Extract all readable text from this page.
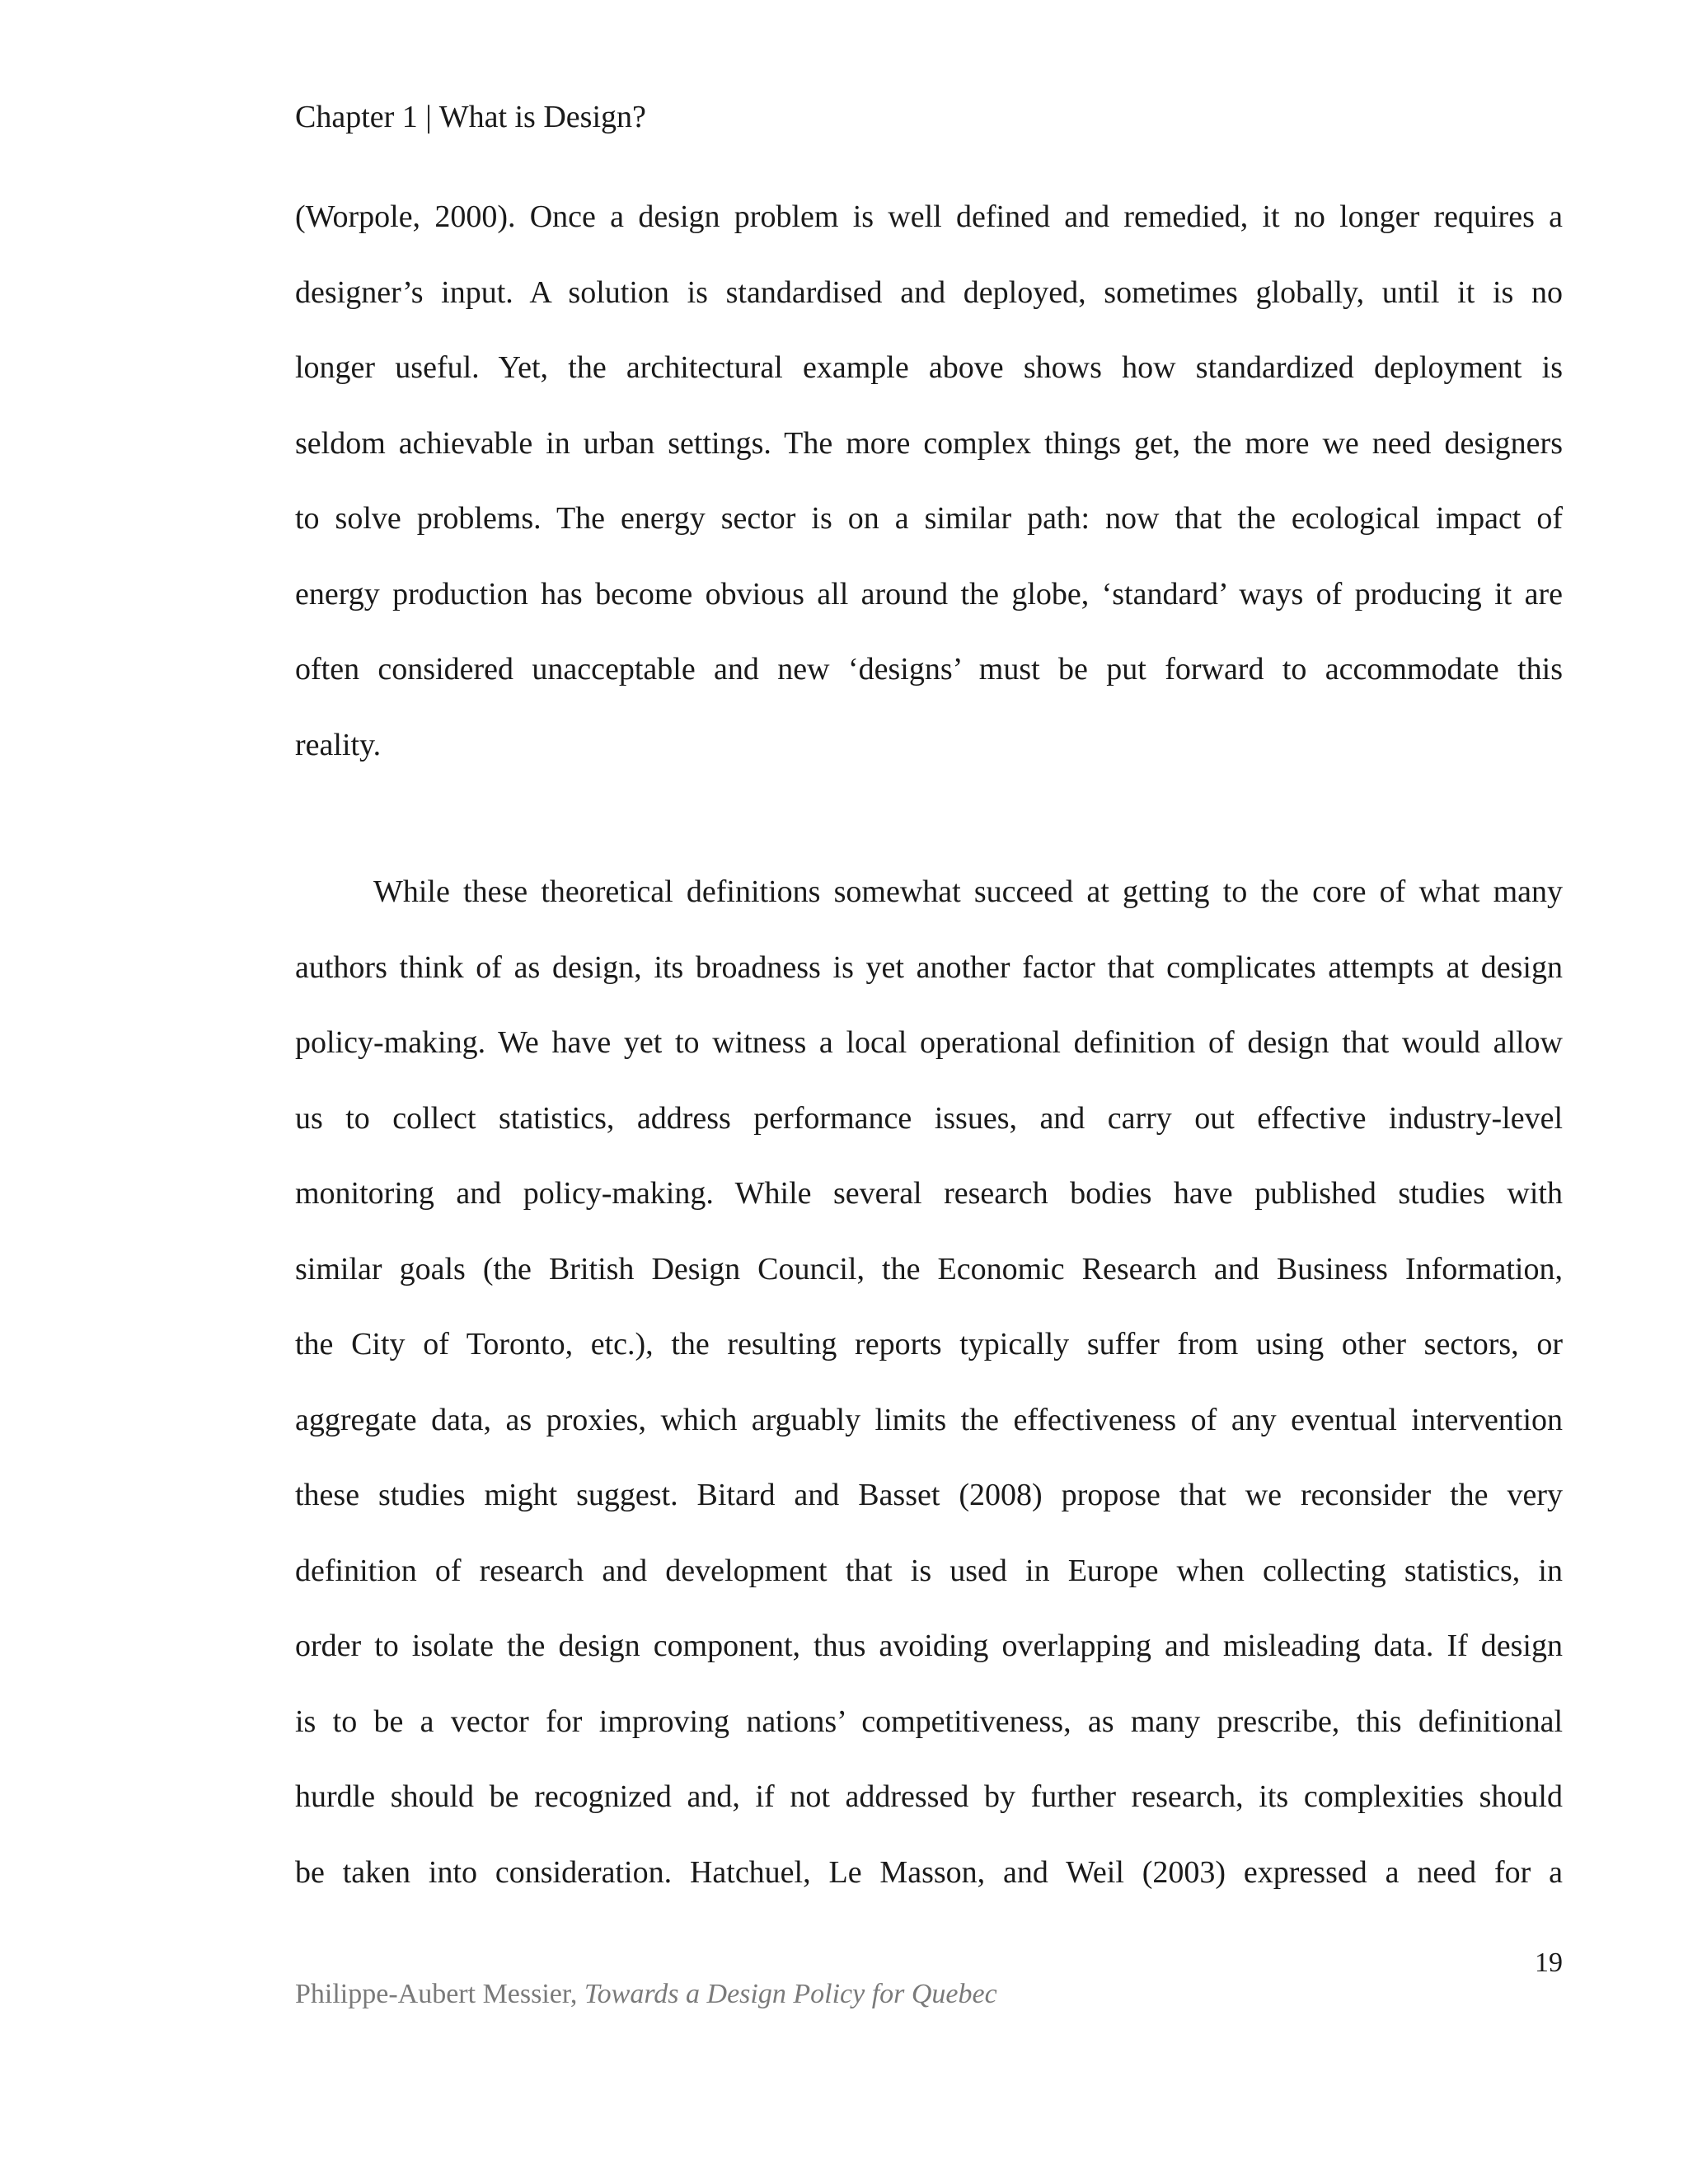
Chapter 1 | What is Design?
(Worpole, 2000). Once a design problem is well defined and remedied, it no longer requires a
designer’s input. A solution is standardised and deployed, sometimes globally, until it is no
longer useful. Yet, the architectural example above shows how standardized deployment is
seldom achievable in urban settings. The more complex things get, the more we need designers
to solve problems. The energy sector is on a similar path: now that the ecological impact of
energy production has become obvious all around the globe, ‘standard’ ways of producing it are
often considered unacceptable and new ‘designs’ must be put forward to accommodate this
reality.
While these theoretical definitions somewhat succeed at getting to the core of what many
authors think of as design, its broadness is yet another factor that complicates attempts at design
policy-making. We have yet to witness a local operational definition of design that would allow
us to collect statistics, address performance issues, and carry out effective industry-level
monitoring and policy-making. While several research bodies have published studies with
similar goals (the British Design Council, the Economic Research and Business Information,
the City of Toronto, etc.), the resulting reports typically suffer from using other sectors, or
aggregate data, as proxies, which arguably limits the effectiveness of any eventual intervention
these studies might suggest. Bitard and Basset (2008) propose that we reconsider the very
definition of research and development that is used in Europe when collecting statistics, in
order to isolate the design component, thus avoiding overlapping and misleading data. If design
is to be a vector for improving nations’ competitiveness, as many prescribe, this definitional
hurdle should be recognized and, if not addressed by further research, its complexities should
be taken into consideration. Hatchuel, Le Masson, and Weil (2003) expressed a need for a
19
Philippe-Aubert Messier, Towards a Design Policy for Quebec
